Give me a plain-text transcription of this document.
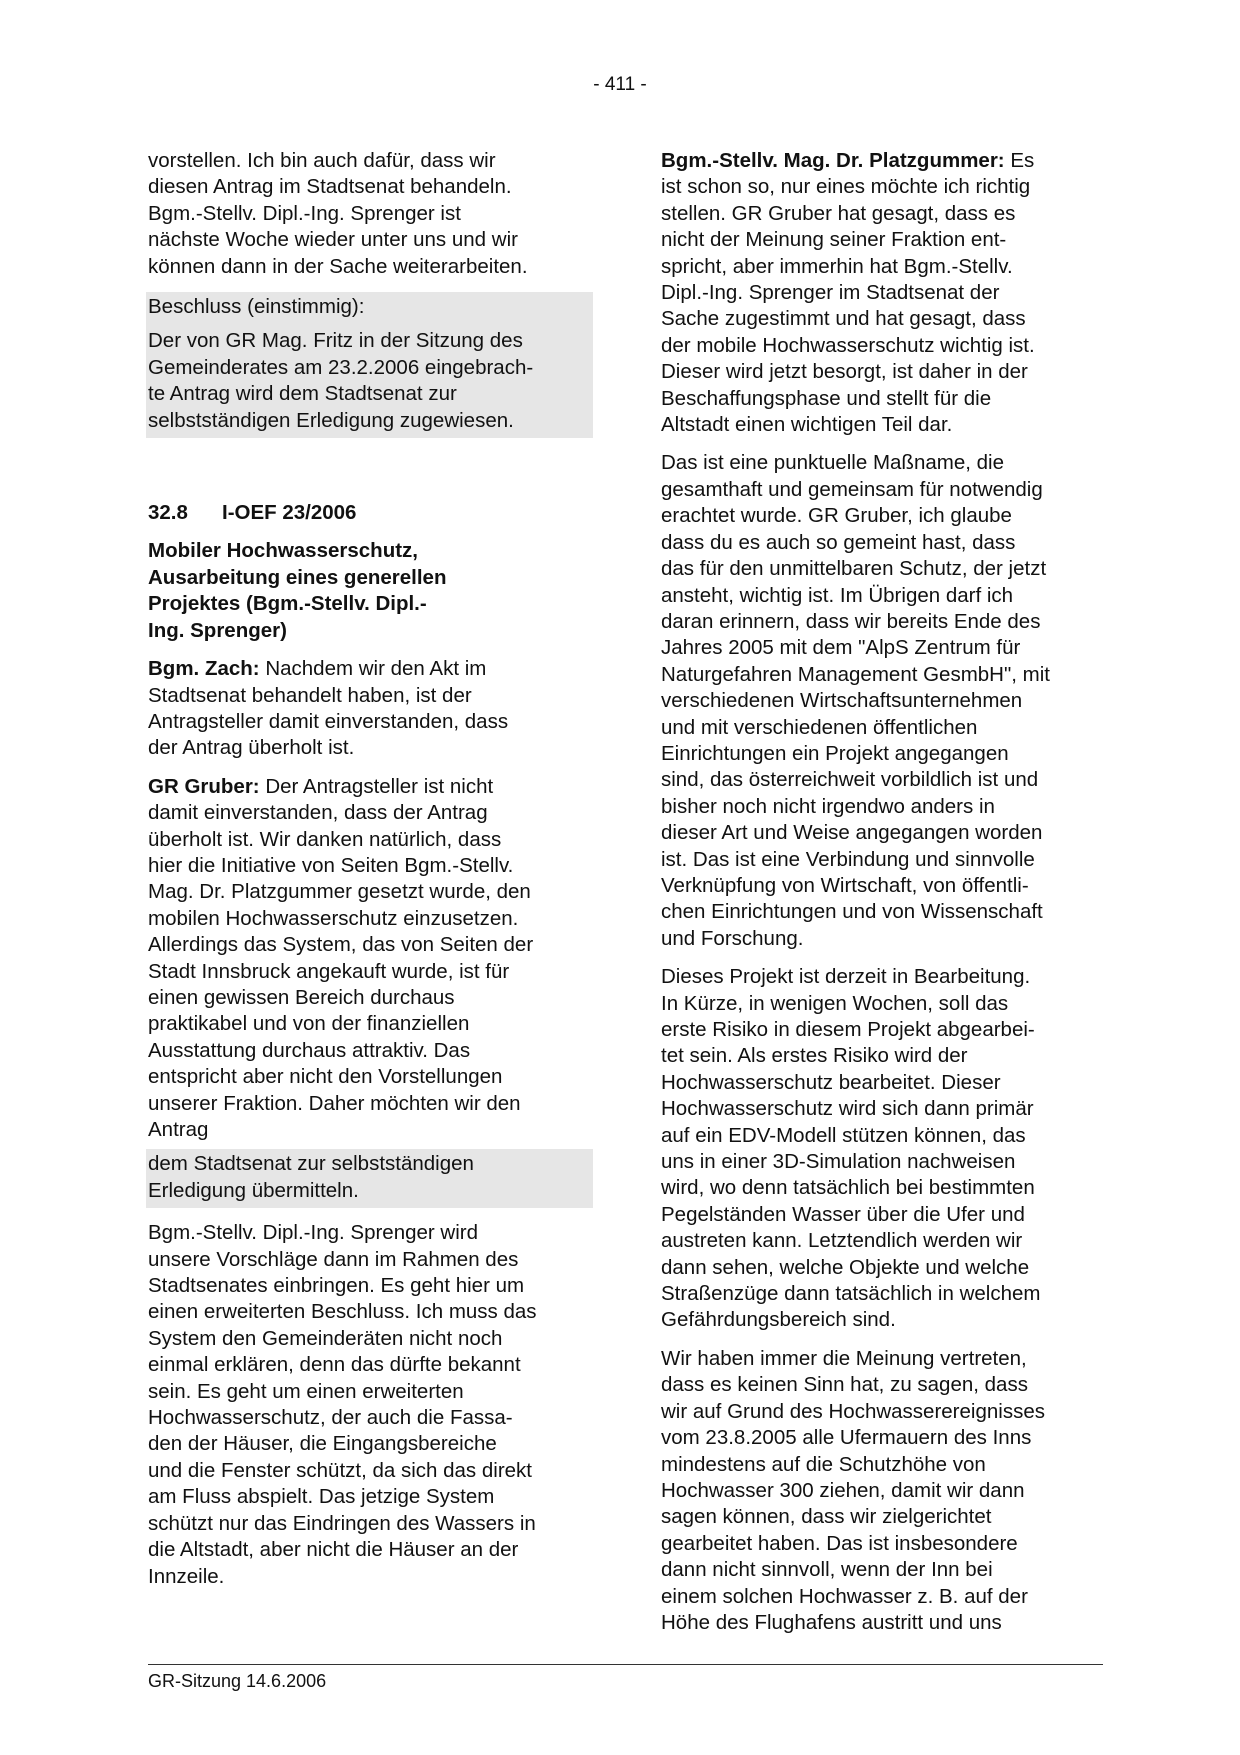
- 411 -

vorstellen. Ich bin auch dafür, dass wir
diesen Antrag im Stadtsenat behandeln.
Bgm.-Stellv. Dipl.-Ing. Sprenger ist
nächste Woche wieder unter uns und wir
können dann in der Sache weiterarbeiten.

Beschluss (einstimmig):

Der von GR Mag. Fritz in der Sitzung des
Gemeinderates am 23.2.2006 eingebrach-
te Antrag wird dem Stadtsenat zur
selbstständigen Erledigung zugewiesen.

32.8	I-OEF 23/2006

Mobiler Hochwasserschutz,
Ausarbeitung eines generellen
Projektes (Bgm.-Stellv. Dipl.-
Ing. Sprenger)

Bgm. Zach: Nachdem wir den Akt im
Stadtsenat behandelt haben, ist der
Antragsteller damit einverstanden, dass
der Antrag überholt ist.

GR Gruber: Der Antragsteller ist nicht
damit einverstanden, dass der Antrag
überholt ist. Wir danken natürlich, dass
hier die Initiative von Seiten Bgm.-Stellv.
Mag. Dr. Platzgummer gesetzt wurde, den
mobilen Hochwasserschutz einzusetzen.
Allerdings das System, das von Seiten der
Stadt Innsbruck angekauft wurde, ist für
einen gewissen Bereich durchaus
praktikabel und von der finanziellen
Ausstattung durchaus attraktiv. Das
entspricht aber nicht den Vorstellungen
unserer Fraktion. Daher möchten wir den
Antrag

dem Stadtsenat zur selbstständigen
Erledigung übermitteln.

Bgm.-Stellv. Dipl.-Ing. Sprenger wird
unsere Vorschläge dann im Rahmen des
Stadtsenates einbringen. Es geht hier um
einen erweiterten Beschluss. Ich muss das
System den Gemeinderäten nicht noch
einmal erklären, denn das dürfte bekannt
sein. Es geht um einen erweiterten
Hochwasserschutz, der auch die Fassa-
den der Häuser, die Eingangsbereiche
und die Fenster schützt, da sich das direkt
am Fluss abspielt. Das jetzige System
schützt nur das Eindringen des Wassers in
die Altstadt, aber nicht die Häuser an der
Innzeile.

Bgm.-Stellv. Mag. Dr. Platzgummer: Es
ist schon so, nur eines möchte ich richtig
stellen. GR Gruber hat gesagt, dass es
nicht der Meinung seiner Fraktion ent-
spricht, aber immerhin hat Bgm.-Stellv.
Dipl.-Ing. Sprenger im Stadtsenat der
Sache zugestimmt und hat gesagt, dass
der mobile Hochwasserschutz wichtig ist.
Dieser wird jetzt besorgt, ist daher in der
Beschaffungsphase und stellt für die
Altstadt einen wichtigen Teil dar.

Das ist eine punktuelle Maßname, die
gesamthaft und gemeinsam für notwendig
erachtet wurde. GR Gruber, ich glaube
dass du es auch so gemeint hast, dass
das für den unmittelbaren Schutz, der jetzt
ansteht, wichtig ist. Im Übrigen darf ich
daran erinnern, dass wir bereits Ende des
Jahres 2005 mit dem "AlpS Zentrum für
Naturgefahren Management GesmbH", mit
verschiedenen Wirtschaftsunternehmen
und mit verschiedenen öffentlichen
Einrichtungen ein Projekt angegangen
sind, das österreichweit vorbildlich ist und
bisher noch nicht irgendwo anders in
dieser Art und Weise angegangen worden
ist. Das ist eine Verbindung und sinnvolle
Verknüpfung von Wirtschaft, von öffentli-
chen Einrichtungen und von Wissenschaft
und Forschung.

Dieses Projekt ist derzeit in Bearbeitung.
In Kürze, in wenigen Wochen, soll das
erste Risiko in diesem Projekt abgearbei-
tet sein. Als erstes Risiko wird der
Hochwasserschutz bearbeitet. Dieser
Hochwasserschutz wird sich dann primär
auf ein EDV-Modell stützen können, das
uns in einer 3D-Simulation nachweisen
wird, wo denn tatsächlich bei bestimmten
Pegelständen Wasser über die Ufer und
austreten kann. Letztendlich werden wir
dann sehen, welche Objekte und welche
Straßenzüge dann tatsächlich in welchem
Gefährdungsbereich sind.

Wir haben immer die Meinung vertreten,
dass es keinen Sinn hat, zu sagen, dass
wir auf Grund des Hochwasserereignisses
vom 23.8.2005 alle Ufermauern des Inns
mindestens auf die Schutzhöhe von
Hochwasser 300 ziehen, damit wir dann
sagen können, dass wir zielgerichtet
gearbeitet haben. Das ist insbesondere
dann nicht sinnvoll, wenn der Inn bei
einem solchen Hochwasser z. B. auf der
Höhe des Flughafens austritt und uns

GR-Sitzung 14.6.2006
